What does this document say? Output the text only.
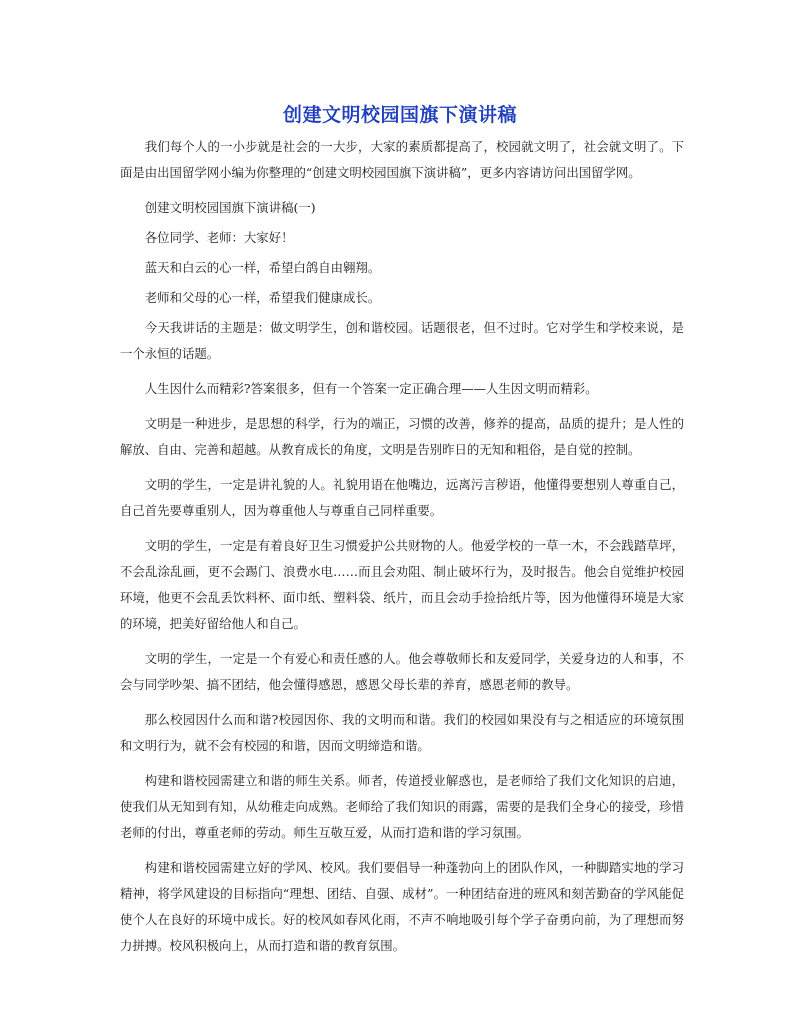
创建文明校园国旗下演讲稿

我们每个人的一小步就是社会的一大步，大家的素质都提高了，校园就文明了，社会就文明了。下面是由出国留学网小编为你整理的“创建文明校园国旗下演讲稿”，更多内容请访问出国留学网。

创建文明校园国旗下演讲稿(一)

各位同学、老师：大家好！

蓝天和白云的心一样，希望白鸽自由翱翔。

老师和父母的心一样，希望我们健康成长。

今天我讲话的主题是：做文明学生，创和谐校园。话题很老，但不过时。它对学生和学校来说，是一个永恒的话题。

人生因什么而精彩?答案很多，但有一个答案一定正确合理——人生因文明而精彩。

文明是一种进步，是思想的科学，行为的端正，习惯的改善，修养的提高，品质的提升；是人性的解放、自由、完善和超越。从教育成长的角度，文明是告别昨日的无知和粗俗，是自觉的控制。

文明的学生，一定是讲礼貌的人。礼貌用语在他嘴边，远离污言秽语，他懂得要想别人尊重自己，自己首先要尊重别人，因为尊重他人与尊重自己同样重要。

文明的学生，一定是有着良好卫生习惯爱护公共财物的人。他爱学校的一草一木，不会践踏草坪，不会乱涂乱画，更不会踢门、浪费水电……而且会劝阻、制止破坏行为，及时报告。他会自觉维护校园环境，他更不会乱丢饮料杯、面巾纸、塑料袋、纸片，而且会动手捡拾纸片等，因为他懂得环境是大家的环境，把美好留给他人和自己。

文明的学生，一定是一个有爱心和责任感的人。他会尊敬师长和友爱同学，关爱身边的人和事，不会与同学吵架、搞不团结，他会懂得感恩，感恩父母长辈的养育，感恩老师的教导。

那么校园因什么而和谐?校园因你、我的文明而和谐。我们的校园如果没有与之相适应的环境氛围和文明行为，就不会有校园的和谐，因而文明缔造和谐。

构建和谐校园需建立和谐的师生关系。师者，传道授业解惑也，是老师给了我们文化知识的启迪，使我们从无知到有知，从幼稚走向成熟。老师给了我们知识的雨露，需要的是我们全身心的接受，珍惜老师的付出，尊重老师的劳动。师生互敬互爱，从而打造和谐的学习氛围。

构建和谐校园需建立好的学风、校风。我们要倡导一种蓬勃向上的团队作风，一种脚踏实地的学习精神，将学风建设的目标指向“理想、团结、自强、成材”。一种团结奋进的班风和刻苦勤奋的学风能促使个人在良好的环境中成长。好的校风如春风化雨，不声不响地吸引每个学子奋勇向前，为了理想而努力拼搏。校风积极向上，从而打造和谐的教育氛围。
